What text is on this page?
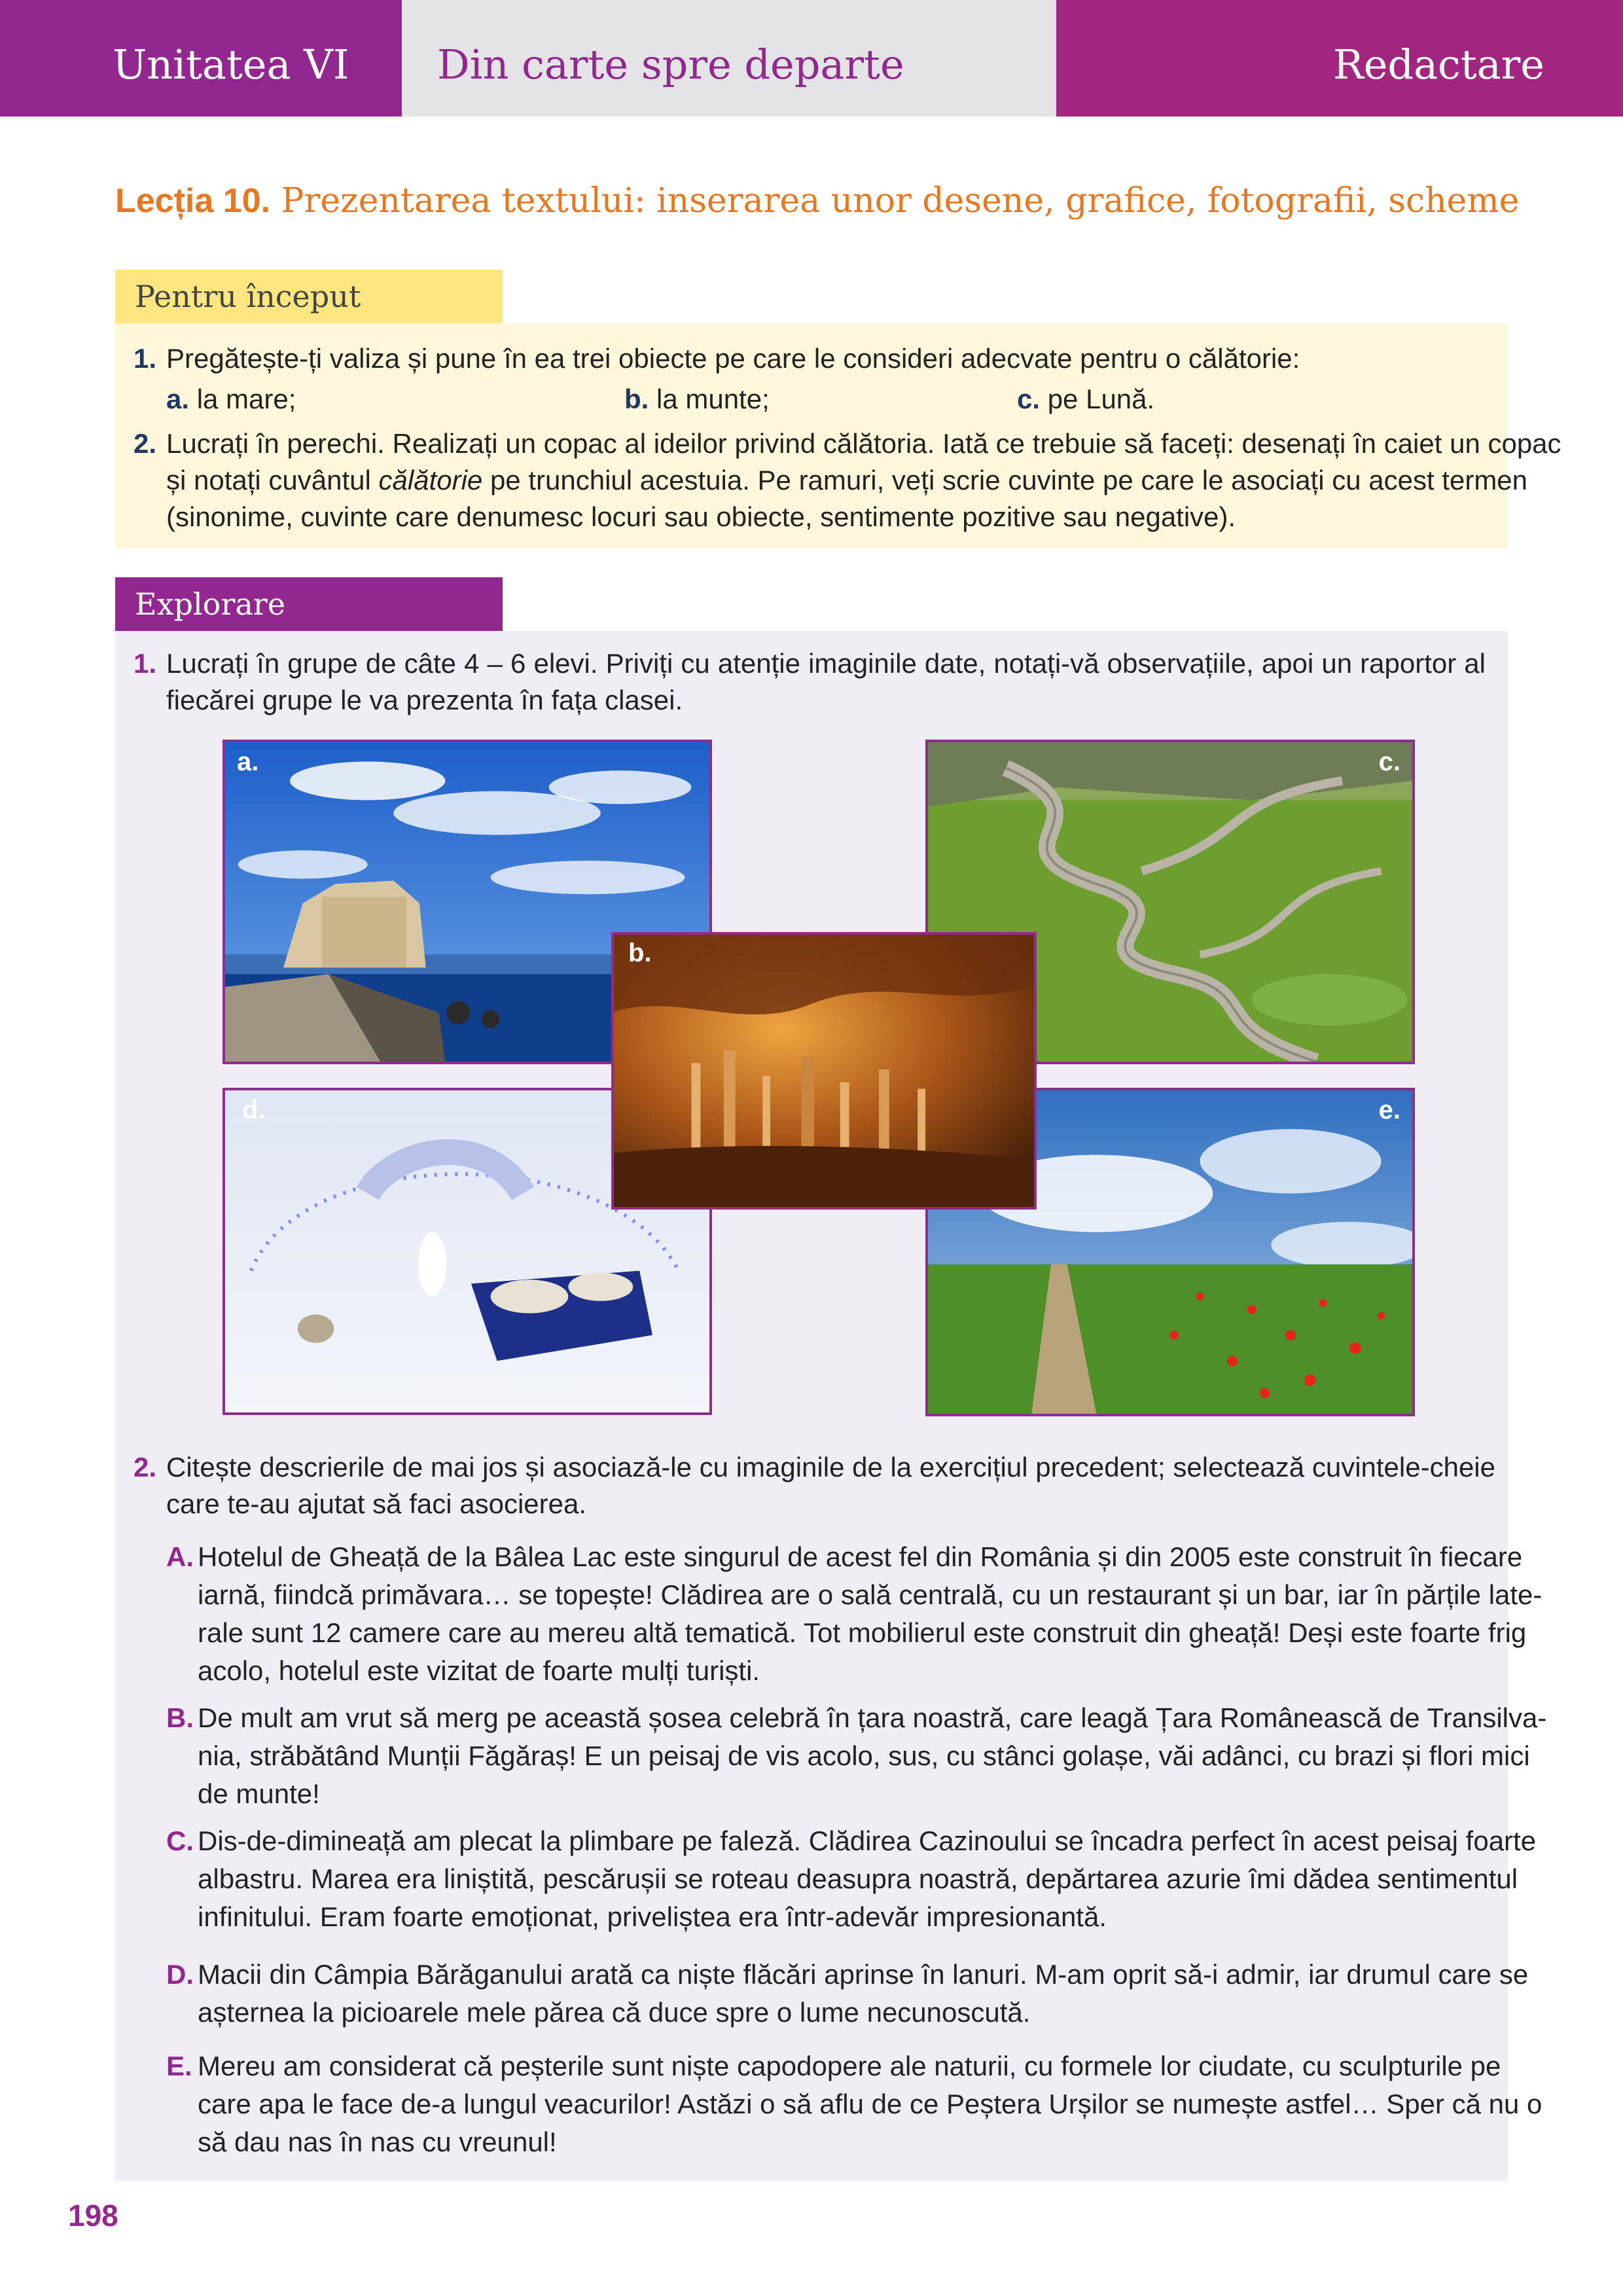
Unitatea VI Din carte spre departe	Redactare
Lecția 10. Prezentarea textului: inserarea unor desene, grafice, fotografii, scheme
Pentru început
1. Pregătește-ți valiza și pune în ea trei obiecte pe care le consideri adecvate pentru o călătorie:
a. la mare;	b. la munte;	c. pe Lună.
2. Lucrați în perechi. Realizați un copac al ideilor privind călătoria. Iată ce trebuie să faceți: desenați în caiet un copac
și notați cuvântul călătorie pe trunchiul acestuia. Pe ramuri, veți scrie cuvinte pe care le asociați cu acest termen
(sinonime, cuvinte care denumesc locuri sau obiecte, sentimente pozitive sau negative).
Explorare
1. Lucrați în grupe de câte 4 – 6 elevi. Priviți cu atenție imaginile date, notați-vă observațiile, apoi un raportor al
fiecărei grupe le va prezenta în fața clasei.
a.	c.
d.	e.
b.
2. Citește descrierile de mai jos și asociază-le cu imaginile de la exercițiul precedent; selectează cuvintele-cheie
care te-au ajutat să faci asocierea.
A. Hotelul de Gheață de la Bâlea Lac este singurul de acest fel din România și din 2005 este construit în fiecare
iarnă, fiindcă primăvara… se topește! Clădirea are o sală centrală, cu un restaurant și un bar, iar în părțile late-
rale sunt 12 camere care au mereu altă tematică. Tot mobilierul este construit din gheață! Deși este foarte frig
acolo, hotelul este vizitat de foarte mulți turiști.
B. De mult am vrut să merg pe această șosea celebră în țara noastră, care leagă Țara Românească de Transilva-
nia, străbătând Munții Făgăraș! E un peisaj de vis acolo, sus, cu stânci golașe, văi adânci, cu brazi și flori mici
de munte!
C. Dis-de-dimineață am plecat la plimbare pe faleză. Clădirea Cazinoului se încadra perfect în acest peisaj foarte
albastru. Marea era liniștită, pescărușii se roteau deasupra noastră, depărtarea azurie îmi dădea sentimentul
infinitului. Eram foarte emoționat, priveliștea era într-adevăr impresionantă.
D. Macii din Câmpia Bărăganului arată ca niște flăcări aprinse în lanuri. M-am oprit să-i admir, iar drumul care se
așternea la picioarele mele părea că duce spre o lume necunoscută.
E. Mereu am considerat că peșterile sunt niște capodopere ale naturii, cu formele lor ciudate, cu sculpturile pe
care apa le face de-a lungul veacurilor! Astăzi o să aflu de ce Peștera Urșilor se numește astfel… Sper că nu o
să dau nas în nas cu vreunul!
198
